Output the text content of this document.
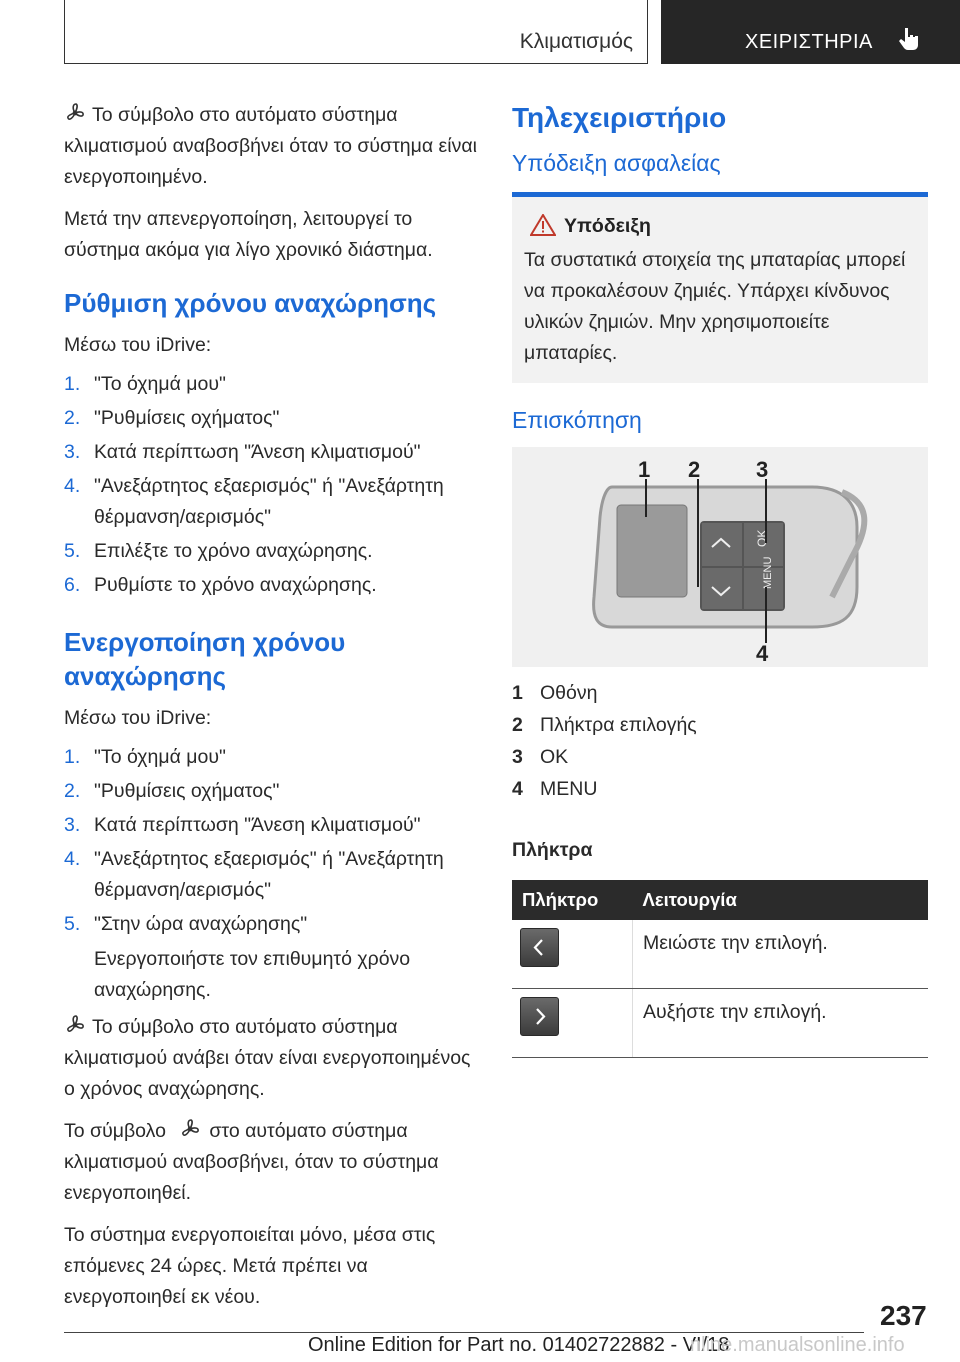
Κλιματισμός	ΧΕΙΡΙΣΤΗΡΙΑ

Το σύμβολο στο αυτόματο σύστημα κλιματισμού αναβοσβήνει όταν το σύστημα είναι ενεργοποιημένο.

Μετά την απενεργοποίηση, λειτουργεί το σύστημα ακόμα για λίγο χρονικό διάστημα.

Ρύθμιση χρόνου αναχώρησης

Μέσω του iDrive:

1. "Το όχημά μου"
2. "Ρυθμίσεις οχήματος"
3. Κατά περίπτωση "Άνεση κλιματισμού"
4. "Ανεξάρτητος εξαερισμός" ή "Ανεξάρτητη θέρμανση/αερισμός"
5. Επιλέξτε το χρόνο αναχώρησης.
6. Ρυθμίστε το χρόνο αναχώρησης.
Ενεργοποίηση χρόνου αναχώρησης

Μέσω του iDrive:

1. "Το όχημά μου"
2. "Ρυθμίσεις οχήματος"
3. Κατά περίπτωση "Άνεση κλιματισμού"
4. "Ανεξάρτητος εξαερισμός" ή "Ανεξάρτητη θέρμανση/αερισμός"
5. "Στην ώρα αναχώρησης"
Ενεργοποιήστε τον επιθυμητό χρόνο αναχώρησης.

Το σύμβολο στο αυτόματο σύστημα κλιματισμού ανάβει όταν είναι ενεργοποιημένος ο χρόνος αναχώρησης.

Το σύμβολο στο αυτόματο σύστημα κλιματισμού αναβοσβήνει, όταν το σύστημα ενεργοποιηθεί.

Το σύστημα ενεργοποιείται μόνο, μέσα στις επόμενες 24 ώρες. Μετά πρέπει να ενεργοποιηθεί εκ νέου.

Τηλεχειριστήριο
Υπόδειξη ασφαλείας
Υπόδειξη
Τα συστατικά στοιχεία της μπαταρίας μπορεί να προκαλέσουν ζημιές. Υπάρχει κίνδυνος υλικών ζημιών. Μην χρησιμοποιείτε μπαταρίες.
Επισκόπηση
OK
MENU
1 2	3
4
1 Οθόνη
2 Πλήκτρα επιλογής
3 OK
4 MENU
Πλήκτρα
Πλήκτρο	Λειτουργία
	Μειώστε την επιλογή.
	Αυξήστε την επιλογή.
237
Online Edition for Part no. 01402722882 - VI/18
nline.manualsonline.info
